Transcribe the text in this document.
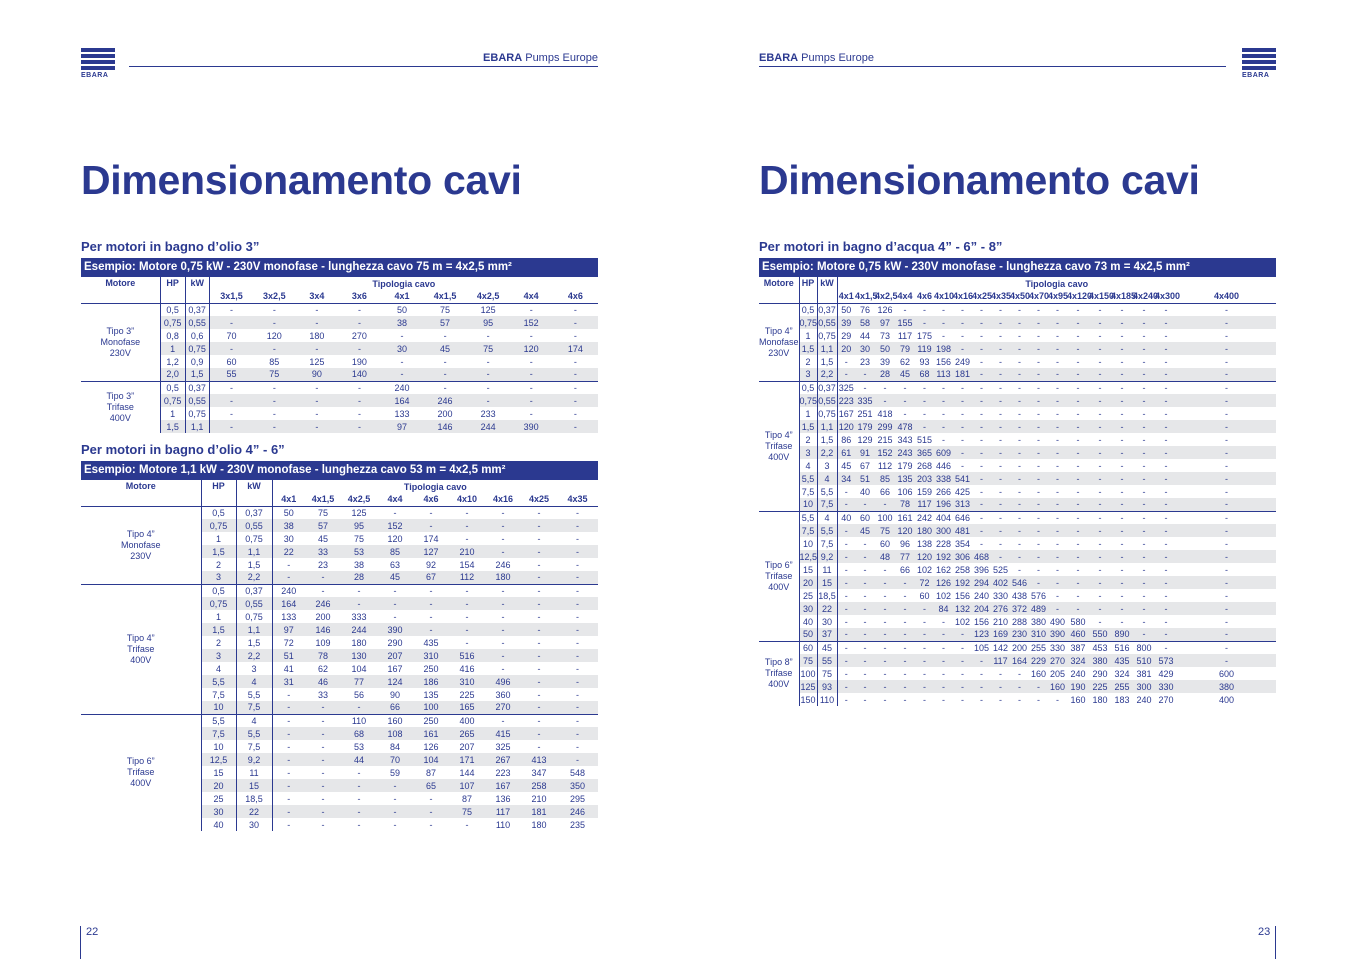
EBARA
EBARA Pumps Europe
Dimensionamento cavi
Per motori in bagno d’olio 3”
Esempio: Motore 0,75 kW - 230V monofase - lunghezza cavo 75 m = 4x2,5 mm²
Motore	HP	kW	Tipologia cavo								
			3x1,5	3x2,5	3x4	3x6	4x1	4x1,5	4x2,5	4x4	4x6
Tipo 3”
Monofase
230V	0,5	0,37	-	-	-	-	50	75	125	-	-
	0,75	0,55	-	-	-	-	38	57	95	152	-
	0,8	0,6	70	120	180	270	-	-	-	-	-
	1	0,75	-	-	-	-	30	45	75	120	174
	1,2	0,9	60	85	125	190	-	-	-	-	-
	2,0	1,5	55	75	90	140	-	-	-	-	-
Tipo 3”
Trifase
400V	0,5	0,37	-	-	-	-	240	-	-	-	-
	0,75	0,55	-	-	-	-	164	246	-	-	-
	1	0,75	-	-	-	-	133	200	233	-	-
	1,5	1,1	-	-	-	-	97	146	244	390	-
Per motori in bagno d’olio 4” - 6”
Esempio: Motore 1,1 kW - 230V monofase - lunghezza cavo 53 m = 4x2,5 mm²
Motore	HP	kW	Tipologia cavo								
			4x1	4x1,5	4x2,5	4x4	4x6	4x10	4x16	4x25	4x35
Tipo 4”
Monofase
230V	0,5	0,37	50	75	125	-	-	-	-	-	-
	0,75	0,55	38	57	95	152	-	-	-	-	-
	1	0,75	30	45	75	120	174	-	-	-	-
	1,5	1,1	22	33	53	85	127	210	-	-	-
	2	1,5	-	23	38	63	92	154	246	-	-
	3	2,2	-	-	28	45	67	112	180	-	-
Tipo 4”
Trifase
400V	0,5	0,37	240	-	-	-	-	-	-	-	-
	0,75	0,55	164	246	-	-	-	-	-	-	-
	1	0,75	133	200	333	-	-	-	-	-	-
	1,5	1,1	97	146	244	390	-	-	-	-	-
	2	1,5	72	109	180	290	435	-	-	-	-
	3	2,2	51	78	130	207	310	516	-	-	-
	4	3	41	62	104	167	250	416	-	-	-
	5,5	4	31	46	77	124	186	310	496	-	-
	7,5	5,5	-	33	56	90	135	225	360	-	-
	10	7,5	-	-	-	66	100	165	270	-	-
Tipo 6”
Trifase
400V	5,5	4	-	-	110	160	250	400	-	-	-
	7,5	5,5	-	-	68	108	161	265	415	-	-
	10	7,5	-	-	53	84	126	207	325	-	-
	12,5	9,2	-	-	44	70	104	171	267	413	-
	15	11	-	-	-	59	87	144	223	347	548
	20	15	-	-	-	-	65	107	167	258	350
	25	18,5	-	-	-	-	-	87	136	210	295
	30	22	-	-	-	-	-	75	117	181	246
	40	30	-	-	-	-	-	-	110	180	235
22
EBARA
EBARA Pumps Europe
Dimensionamento cavi
Per motori in bagno d’acqua 4” - 6” - 8”
Esempio: Motore 0,75 kW - 230V monofase - lunghezza cavo 73 m = 4x2,5 mm²
Motore	HP	kW	Tipologia cavo																	
			4x1	4x1,5	4x2,5	4x4	4x6	4x10	4x16	4x25	4x35	4x50	4x70	4x95	4x120	4x150	4x185	4x240	4x300	4x400
Tipo 4”
Monofase
230V	0,5	0,37	50	76	126	-	-	-	-	-	-	-	-	-	-	-	-	-	-	-
	0,75	0,55	39	58	97	155	-	-	-	-	-	-	-	-	-	-	-	-	-	-
	1	0,75	29	44	73	117	175	-	-	-	-	-	-	-	-	-	-	-	-	-
	1,5	1,1	20	30	50	79	119	198	-	-	-	-	-	-	-	-	-	-	-	-
	2	1,5	-	23	39	62	93	156	249	-	-	-	-	-	-	-	-	-	-	-
	3	2,2	-	-	28	45	68	113	181	-	-	-	-	-	-	-	-	-	-	-
Tipo 4”
Trifase
400V	0,5	0,37	325	-	-	-	-	-	-	-	-	-	-	-	-	-	-	-	-	-
	0,75	0,55	223	335	-	-	-	-	-	-	-	-	-	-	-	-	-	-	-	-
	1	0,75	167	251	418	-	-	-	-	-	-	-	-	-	-	-	-	-	-	-
	1,5	1,1	120	179	299	478	-	-	-	-	-	-	-	-	-	-	-	-	-	-
	2	1,5	86	129	215	343	515	-	-	-	-	-	-	-	-	-	-	-	-	-
	3	2,2	61	91	152	243	365	609	-	-	-	-	-	-	-	-	-	-	-	-
	4	3	45	67	112	179	268	446	-	-	-	-	-	-	-	-	-	-	-	-
	5,5	4	34	51	85	135	203	338	541	-	-	-	-	-	-	-	-	-	-	-
	7,5	5,5	-	40	66	106	159	266	425	-	-	-	-	-	-	-	-	-	-	-
	10	7,5	-	-	-	78	117	196	313	-	-	-	-	-	-	-	-	-	-	-
Tipo 6”
Trifase
400V	5,5	4	40	60	100	161	242	404	646	-	-	-	-	-	-	-	-	-	-	-
	7,5	5,5	-	45	75	120	180	300	481	-	-	-	-	-	-	-	-	-	-	-
	10	7,5	-	-	60	96	138	228	354	-	-	-	-	-	-	-	-	-	-	-
	12,5	9,2	-	-	48	77	120	192	306	468	-	-	-	-	-	-	-	-	-	-
	15	11	-	-	-	66	102	162	258	396	525	-	-	-	-	-	-	-	-	-
	20	15	-	-	-	-	72	126	192	294	402	546	-	-	-	-	-	-	-	-
	25	18,5	-	-	-	-	60	102	156	240	330	438	576	-	-	-	-	-	-	-
	30	22	-	-	-	-	-	84	132	204	276	372	489	-	-	-	-	-	-	-
	40	30	-	-	-	-	-	-	102	156	210	288	380	490	580	-	-	-	-	-
	50	37	-	-	-	-	-	-	-	123	169	230	310	390	460	550	890	-	-	-
Tipo 8”
Trifase
400V	60	45	-	-	-	-	-	-	-	105	142	200	255	330	387	453	516	800	-	-
	75	55	-	-	-	-	-	-	-	-	117	164	229	270	324	380	435	510	573	-
	100	75	-	-	-	-	-	-	-	-	-	-	160	205	240	290	324	381	429	600
	125	93	-	-	-	-	-	-	-	-	-	-	-	160	190	225	255	300	330	380
	150	110	-	-	-	-	-	-	-	-	-	-	-	-	160	180	183	240	270	400
23
